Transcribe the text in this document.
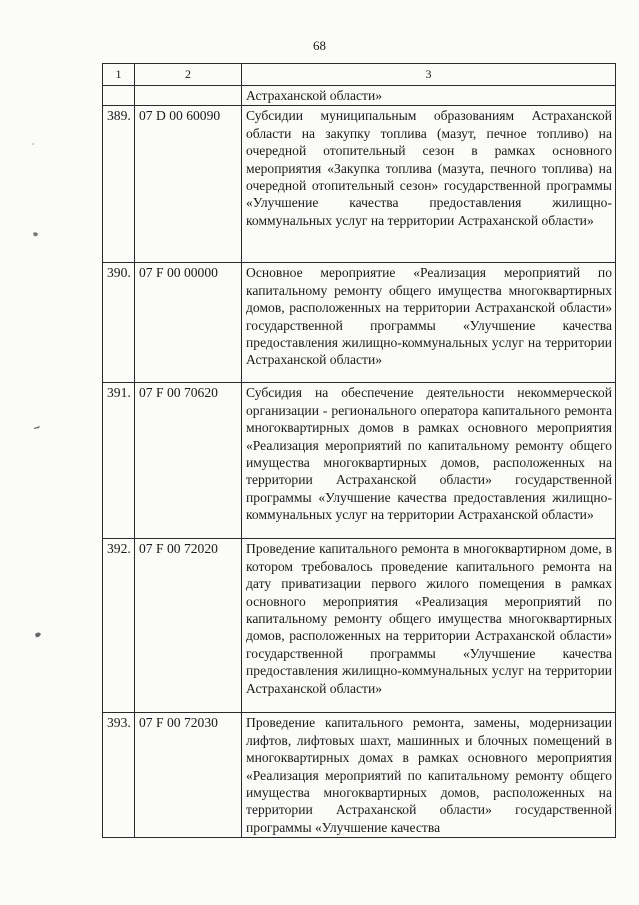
68
1	2	3
		Астраханской области»
389.	07 D 00 60090	Субсидии муниципальным образованиям Астраханской области на закупку топлива (мазут, печное топливо) на очередной отопительный сезон в рамках основного мероприятия «Закупка топлива (мазута, печного топлива) на очередной отопительный сезон» государственной программы «Улучшение качества предоставления жилищно-коммунальных услуг на территории Астраханской области»
390.	07 F 00 00000	Основное мероприятие «Реализация мероприятий по капитальному ремонту общего имущества многоквартирных домов, расположенных на территории Астраханской области» государственной программы «Улучшение качества предоставления жилищно-коммунальных услуг на территории Астраханской области»
391.	07 F 00 70620	Субсидия на обеспечение деятельности некоммерческой организации - регионального оператора капитального ремонта многоквартирных домов в рамках основного мероприятия «Реализация мероприятий по капитальному ремонту общего имущества многоквартирных домов, расположенных на территории Астраханской области» государственной программы «Улучшение качества предоставления жилищно-коммунальных услуг на территории Астраханской области»
392.	07 F 00 72020	Проведение капитального ремонта в многоквартирном доме, в котором требовалось проведение капитального ремонта на дату приватизации первого жилого помещения в рамках основного мероприятия «Реализация мероприятий по капитальному ремонту общего имущества многоквартирных домов, расположенных на территории Астраханской области» государственной программы «Улучшение качества предоставления жилищно-коммунальных услуг на территории Астраханской области»
393.	07 F 00 72030	Проведение капитального ремонта, замены, модернизации лифтов, лифтовых шахт, машинных и блочных помещений в многоквартирных домах в рамках основного мероприятия «Реализация мероприятий по капитальному ремонту общего имущества многоквартирных домов, расположенных на территории Астраханской области» государственной программы «Улучшение качества
